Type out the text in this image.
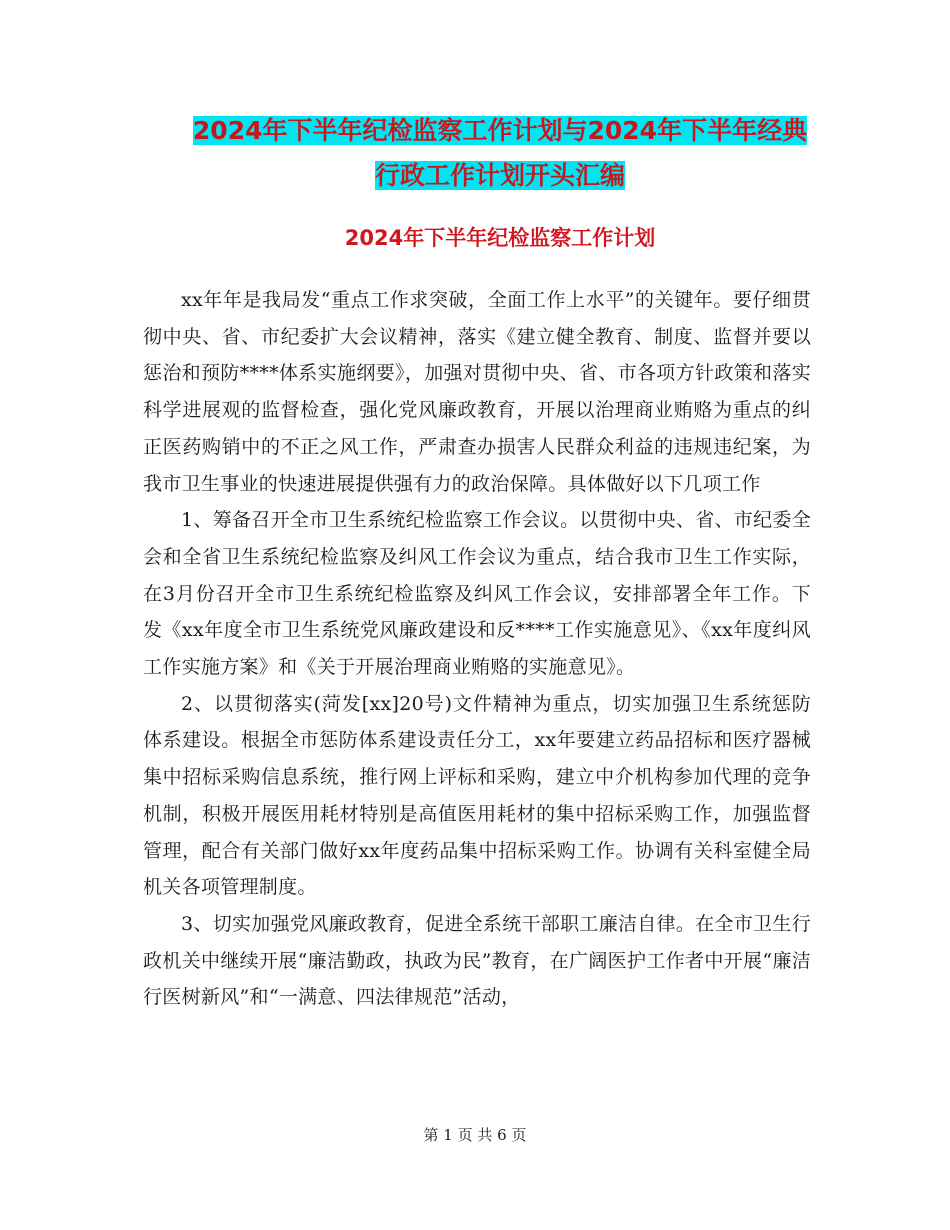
2024年下半年纪检监察工作计划与2024年下半年经典
行政工作计划开头汇编
2024年下半年纪检监察工作计划

xx年年是我局发“重点工作求突破，全面工作上水平”的关键年。要仔细贯彻中央、省、市纪委扩大会议精神，落实《建立健全教育、制度、监督并要以惩治和预防****体系实施纲要》，加强对贯彻中央、省、市各项方针政策和落实科学进展观的监督检查，强化党风廉政教育，开展以治理商业贿赂为重点的纠正医药购销中的不正之风工作，严肃查办损害人民群众利益的违规违纪案，为我市卫生事业的快速进展提供强有力的政治保障。具体做好以下几项工作

1、筹备召开全市卫生系统纪检监察工作会议。以贯彻中央、省、市纪委全会和全省卫生系统纪检监察及纠风工作会议为重点，结合我市卫生工作实际，在3月份召开全市卫生系统纪检监察及纠风工作会议，安排部署全年工作。下发《xx年度全市卫生系统党风廉政建设和反****工作实施意见》、《xx年度纠风工作实施方案》和《关于开展治理商业贿赂的实施意见》。

2、以贯彻落实(菏发[xx]20号)文件精神为重点，切实加强卫生系统惩防体系建设。根据全市惩防体系建设责任分工，xx年要建立药品招标和医疗器械集中招标采购信息系统，推行网上评标和采购，建立中介机构参加代理的竞争机制，积极开展医用耗材特别是高值医用耗材的集中招标采购工作，加强监督管理，配合有关部门做好xx年度药品集中招标采购工作。协调有关科室健全局机关各项管理制度。

3、切实加强党风廉政教育，促进全系统干部职工廉洁自律。在全市卫生行政机关中继续开展“廉洁勤政，执政为民”教育，在广阔医护工作者中开展“廉洁行医树新风”和“一满意、四法律规范”活动，

第 1 页 共 6 页
